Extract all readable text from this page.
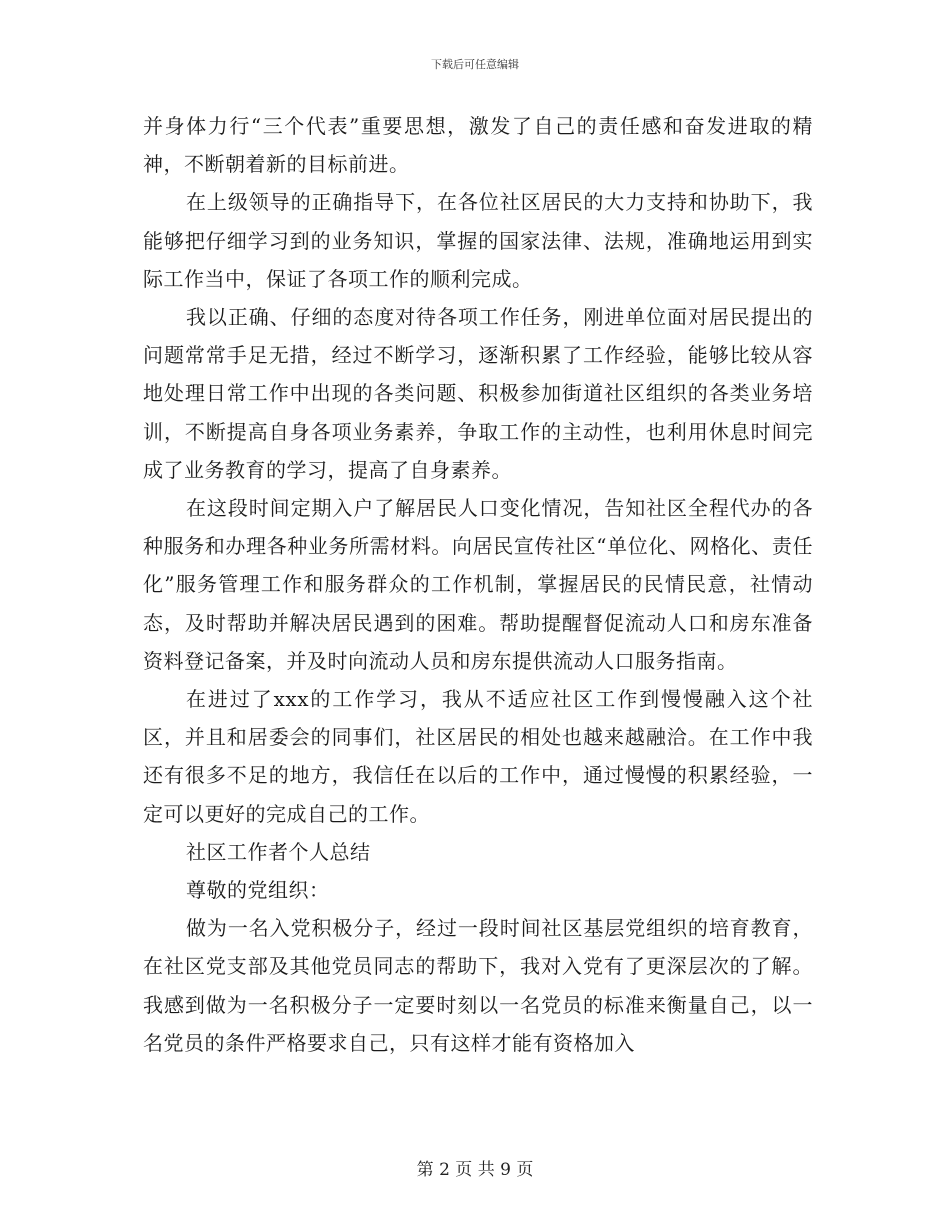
下载后可任意编辑

并身体力行“三个代表”重要思想，激发了自己的责任感和奋发进取的精神，不断朝着新的目标前进。

在上级领导的正确指导下，在各位社区居民的大力支持和协助下，我能够把仔细学习到的业务知识，掌握的国家法律、法规，准确地运用到实际工作当中，保证了各项工作的顺利完成。

我以正确、仔细的态度对待各项工作任务，刚进单位面对居民提出的问题常常手足无措，经过不断学习，逐渐积累了工作经验，能够比较从容地处理日常工作中出现的各类问题、积极参加街道社区组织的各类业务培训，不断提高自身各项业务素养，争取工作的主动性，也利用休息时间完成了业务教育的学习，提高了自身素养。

在这段时间定期入户了解居民人口变化情况，告知社区全程代办的各种服务和办理各种业务所需材料。向居民宣传社区“单位化、网格化、责任化”服务管理工作和服务群众的工作机制，掌握居民的民情民意，社情动态，及时帮助并解决居民遇到的困难。帮助提醒督促流动人口和房东准备资料登记备案，并及时向流动人员和房东提供流动人口服务指南。

在进过了xxx的工作学习，我从不适应社区工作到慢慢融入这个社区，并且和居委会的同事们，社区居民的相处也越来越融洽。在工作中我还有很多不足的地方，我信任在以后的工作中，通过慢慢的积累经验，一定可以更好的完成自己的工作。

社区工作者个人总结

尊敬的党组织：

做为一名入党积极分子，经过一段时间社区基层党组织的培育教育，在社区党支部及其他党员同志的帮助下，我对入党有了更深层次的了解。我感到做为一名积极分子一定要时刻以一名党员的标准来衡量自己，以一名党员的条件严格要求自己，只有这样才能有资格加入

第 2 页 共 9 页
